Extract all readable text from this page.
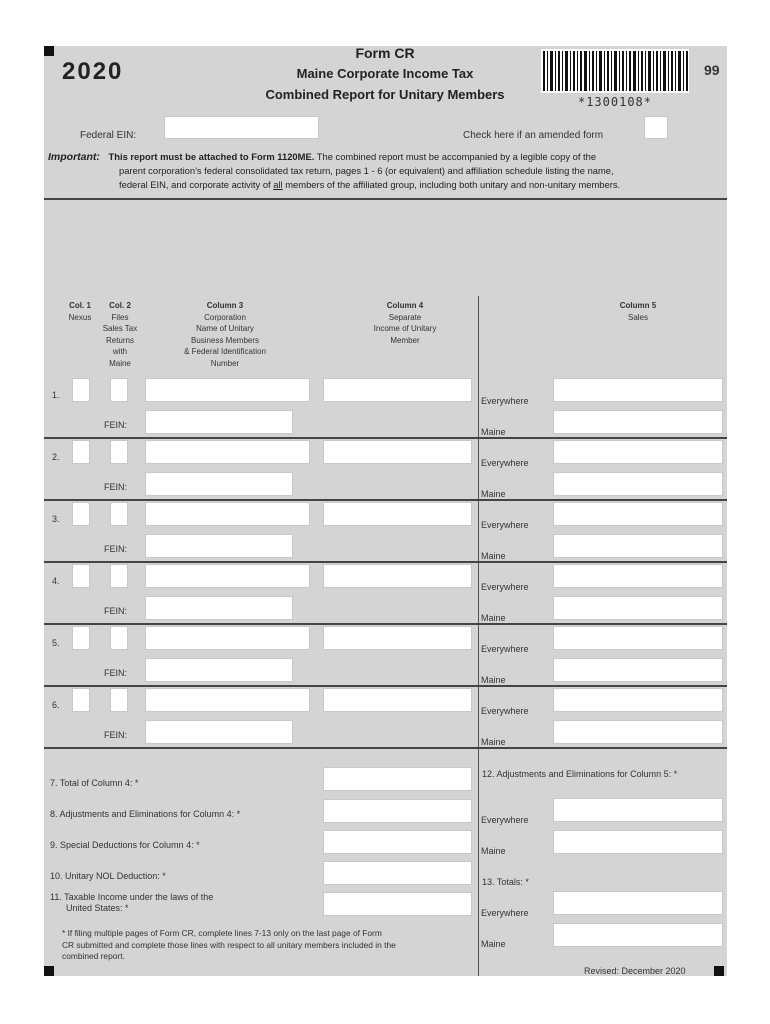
2020
Form CR
Maine Corporate Income Tax
Combined Report for Unitary Members	*1300108*
99
Federal EIN:	Check here if an amended form
Important: This report must be attached to Form 1120ME. The combined report must be accompanied by a legible copy of the
parent corporation's federal consolidated tax return, pages 1 - 6 (or equivalent) and affiliation schedule listing the name,
federal EIN, and corporate activity of all members of the affiliated group, including both unitary and non-unitary members.
Col. 1
Nexus
Col. 2
Files
Sales Tax
Returns
with
Maine
Column 3
Corporation
Name of Unitary
Business Members
& Federal Identification
Number
Column 4
Separate
Income of Unitary
Member
Column 5
Sales
1.
FEIN:
Everywhere
Maine
2.
FEIN:
Everywhere
Maine
3.
FEIN:
Everywhere
Maine
4.
FEIN:
Everywhere
Maine
5.
FEIN:
Everywhere
Maine
6.
FEIN:
Everywhere
Maine
7. Total of Column 4: *
8. Adjustments and Eliminations for Column 4: *
9. Special Deductions for Column 4: *
10. Unitary NOL Deduction: *
11. Taxable Income under the laws of the
United States: *
12. Adjustments and Eliminations for Column 5: *
Everywhere
Maine
13. Totals: *
Everywhere
Maine
* If filing multiple pages of Form CR, complete lines 7-13 only on the last page of Form
CR submitted and complete those lines with respect to all unitary members included in the
combined report.
Revised: December 2020
